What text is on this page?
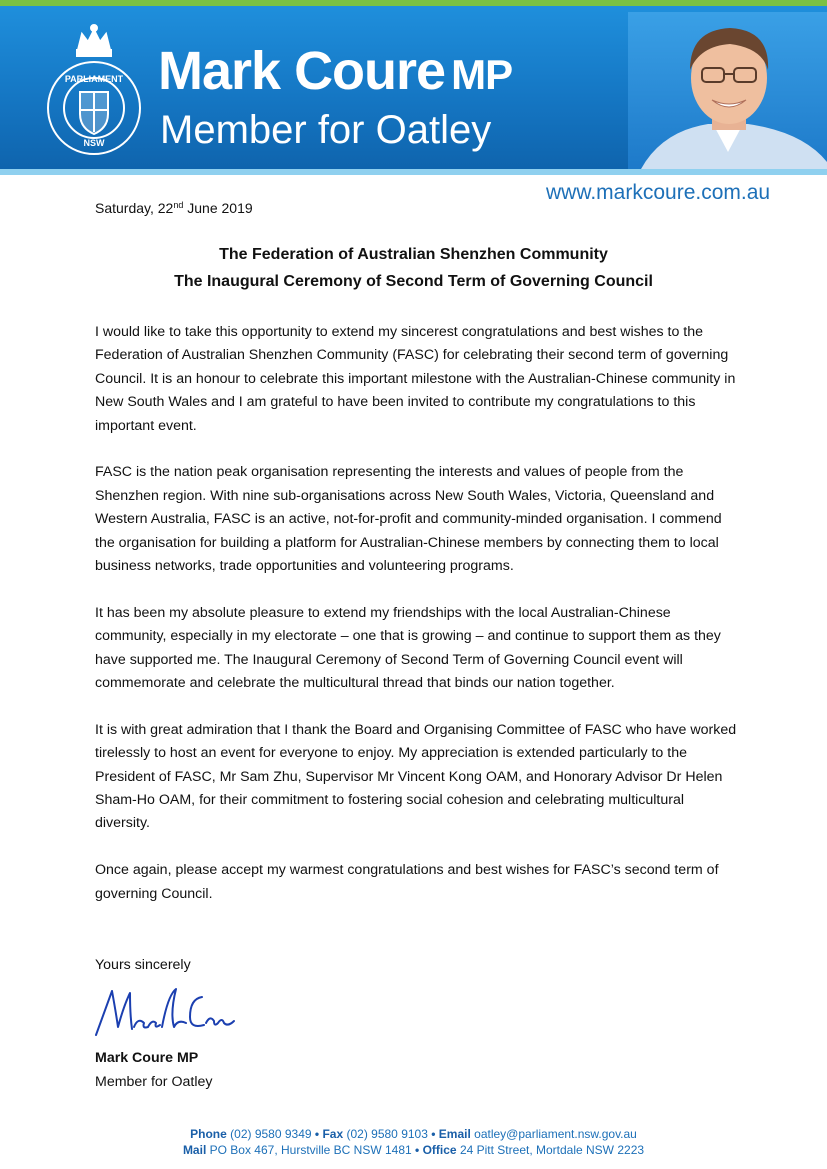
PARLIAMENT
NSW
Mark Coure MP
Member for Oatley
www.markcoure.com.au
Saturday, 22nd June 2019
The Federation of Australian Shenzhen Community
The Inaugural Ceremony of Second Term of Governing Council

I would like to take this opportunity to extend my sincerest congratulations and best wishes to the Federation of Australian Shenzhen Community (FASC) for celebrating their second term of governing Council. It is an honour to celebrate this important milestone with the Australian-Chinese community in New South Wales and I am grateful to have been invited to contribute my congratulations to this important event.

FASC is the nation peak organisation representing the interests and values of people from the Shenzhen region. With nine sub-organisations across New South Wales, Victoria, Queensland and Western Australia, FASC is an active, not-for-profit and community-minded organisation. I commend the organisation for building a platform for Australian-Chinese members by connecting them to local business networks, trade opportunities and volunteering programs.

It has been my absolute pleasure to extend my friendships with the local Australian-Chinese community, especially in my electorate – one that is growing – and continue to support them as they have supported me. The Inaugural Ceremony of Second Term of Governing Council event will commemorate and celebrate the multicultural thread that binds our nation together.

It is with great admiration that I thank the Board and Organising Committee of FASC who have worked tirelessly to host an event for everyone to enjoy. My appreciation is extended particularly to the President of FASC, Mr Sam Zhu, Supervisor Mr Vincent Kong OAM, and Honorary Advisor Dr Helen Sham-Ho OAM, for their commitment to fostering social cohesion and celebrating multicultural diversity.

Once again, please accept my warmest congratulations and best wishes for FASC’s second term of governing Council.

Yours sincerely
Mark Coure MP
Member for Oatley
Phone (02) 9580 9349 • Fax (02) 9580 9103 • Email oatley@parliament.nsw.gov.au
Mail PO Box 467, Hurstville BC NSW 1481 • Office 24 Pitt Street, Mortdale NSW 2223
